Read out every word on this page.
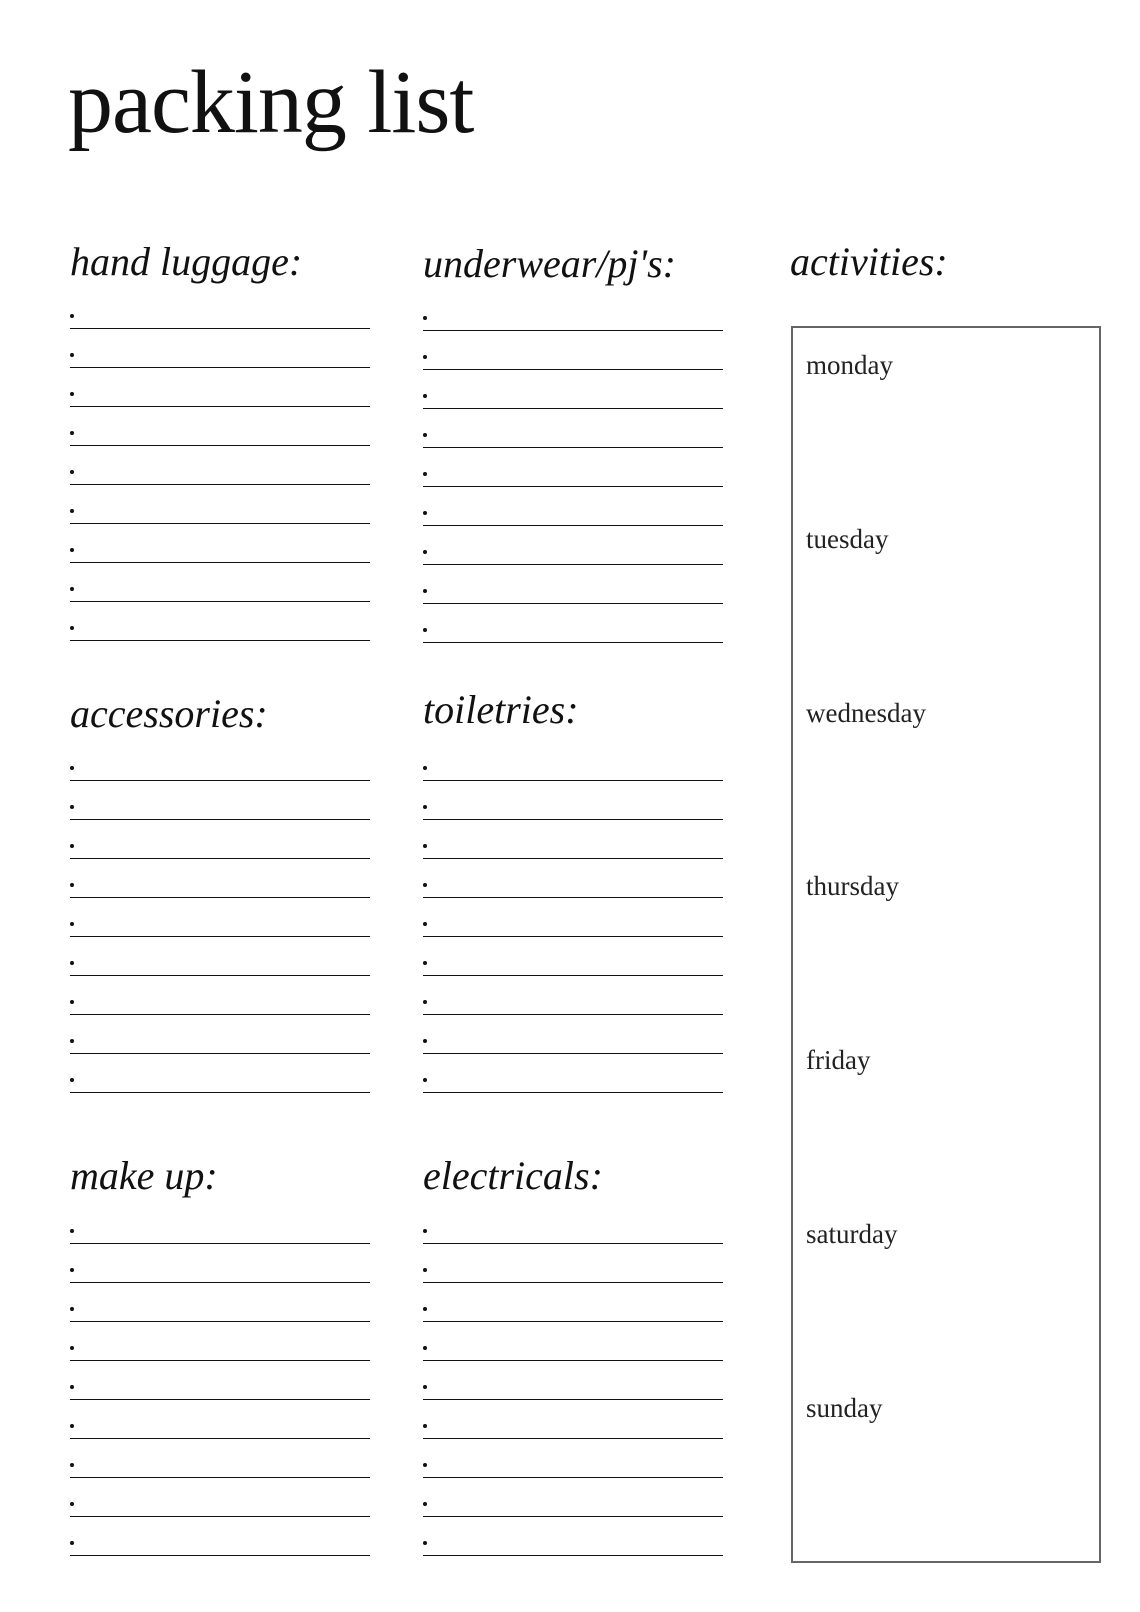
packing list
hand luggage:	underwear/pj's:	activities:
accessories:	toiletries:
make up:	electricals:

monday

tuesday

wednesday

thursday

friday

saturday

sunday
